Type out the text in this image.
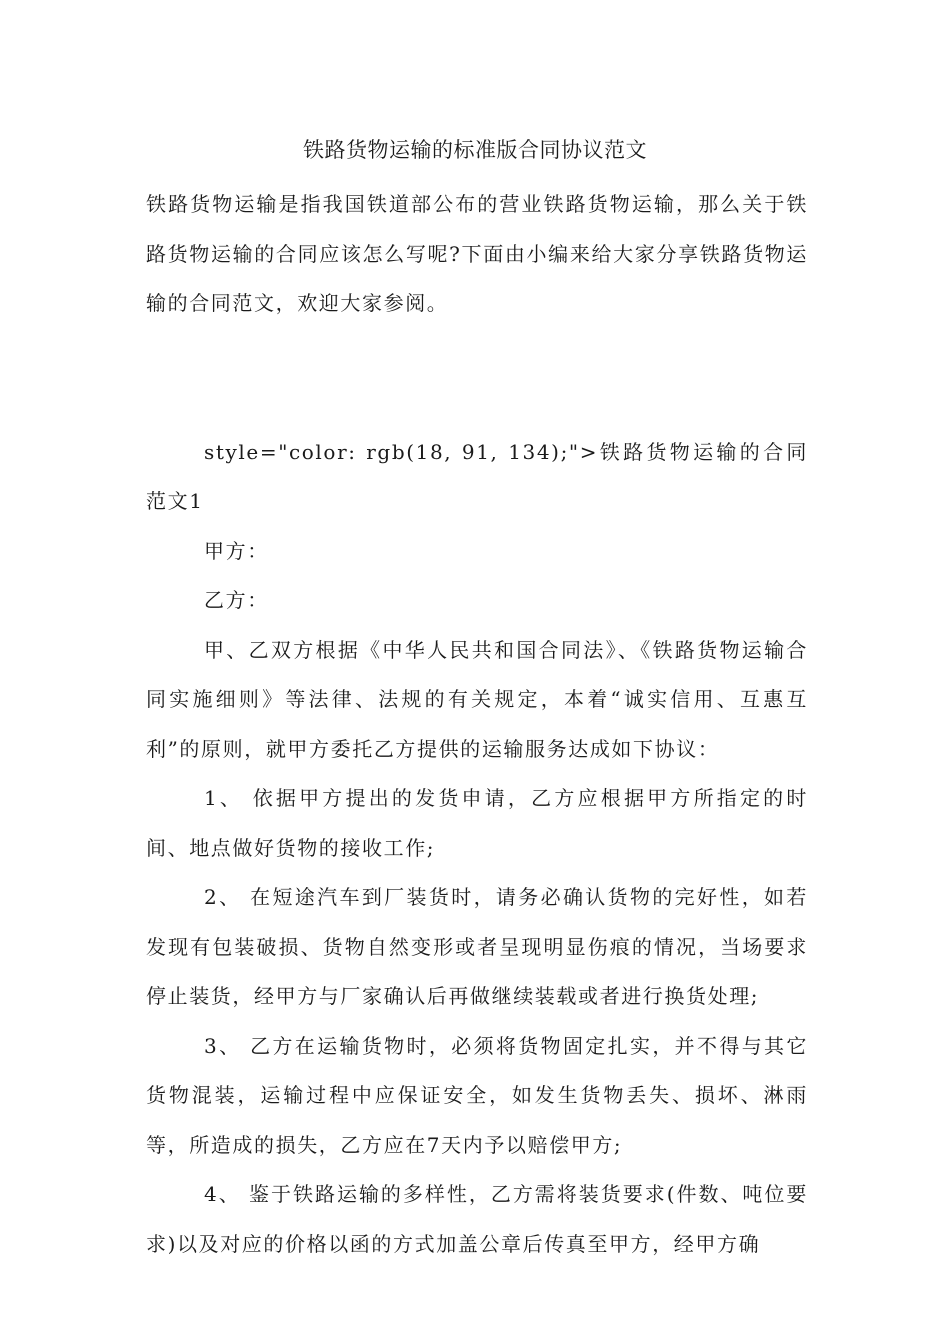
铁路货物运输的标准版合同协议范文

铁路货物运输是指我国铁道部公布的营业铁路货物运输，那么关于铁路货物运输的合同应该怎么写呢?下面由小编来给大家分享铁路货物运输的合同范文，欢迎大家参阅。

style="color: rgb(18, 91, 134);">铁路货物运输的合同范文1

甲方：

乙方：

甲、乙双方根据《中华人民共和国合同法》、《铁路货物运输合同实施细则》等法律、法规的有关规定，本着“诚实信用、互惠互利”的原则，就甲方委托乙方提供的运输服务达成如下协议：

1、 依据甲方提出的发货申请，乙方应根据甲方所指定的时间、地点做好货物的接收工作;

2、 在短途汽车到厂装货时，请务必确认货物的完好性，如若发现有包装破损、货物自然变形或者呈现明显伤痕的情况，当场要求停止装货，经甲方与厂家确认后再做继续装载或者进行换货处理;

3、 乙方在运输货物时，必须将货物固定扎实，并不得与其它货物混装，运输过程中应保证安全，如发生货物丢失、损坏、淋雨等，所造成的损失，乙方应在7天内予以赔偿甲方;

4、 鉴于铁路运输的多样性，乙方需将装货要求(件数、吨位要求)以及对应的价格以函的方式加盖公章后传真至甲方，经甲方确
